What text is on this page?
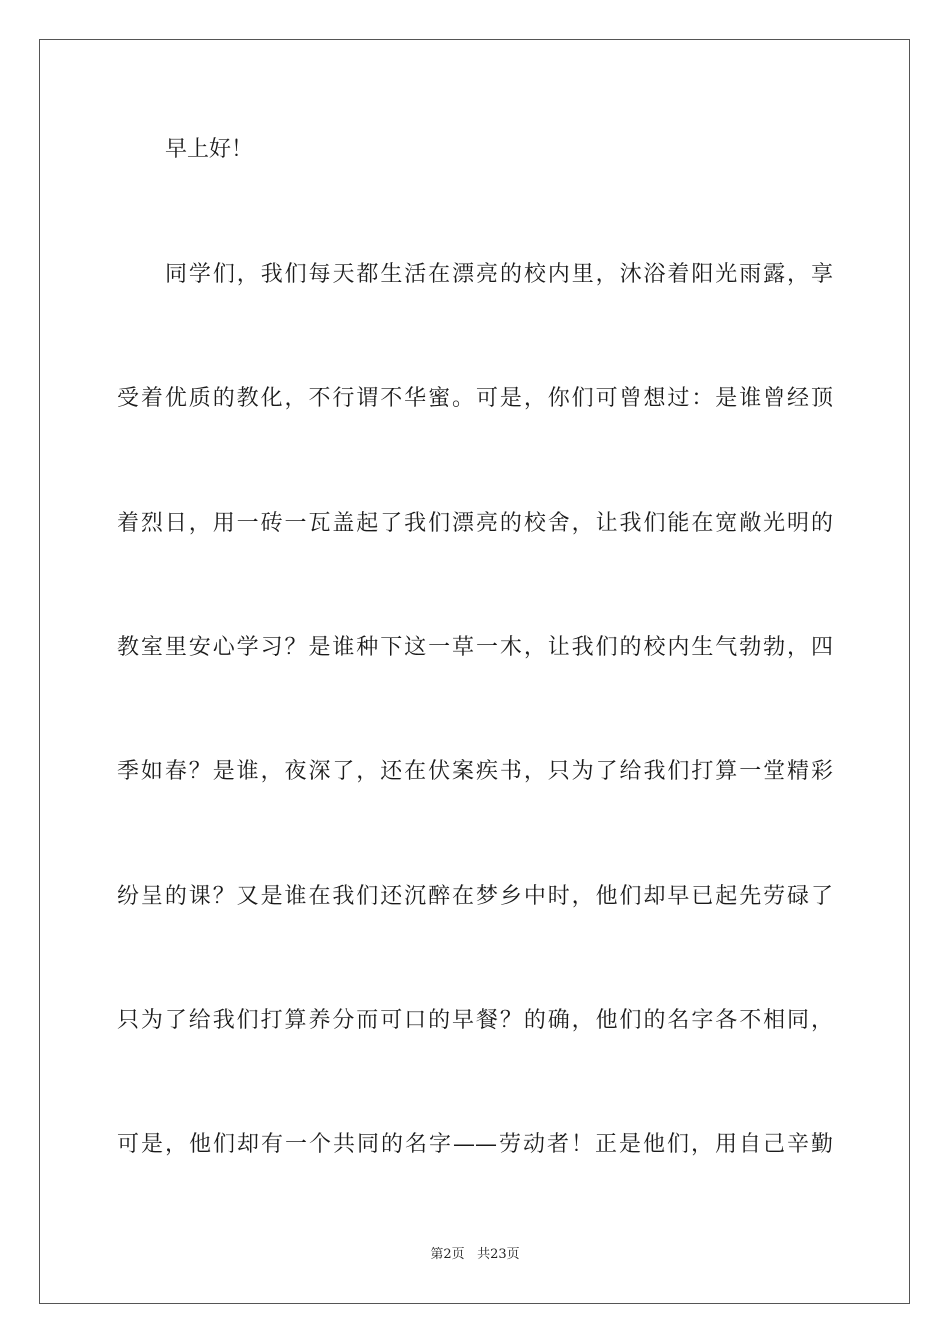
早上好！
同学们，我们每天都生活在漂亮的校内里，沐浴着阳光雨露，享
受着优质的教化，不行谓不华蜜。可是，你们可曾想过：是谁曾经顶
着烈日，用一砖一瓦盖起了我们漂亮的校舍，让我们能在宽敞光明的
教室里安心学习？是谁种下这一草一木，让我们的校内生气勃勃，四
季如春？是谁，夜深了，还在伏案疾书，只为了给我们打算一堂精彩
纷呈的课？又是谁在我们还沉醉在梦乡中时，他们却早已起先劳碌了
只为了给我们打算养分而可口的早餐？的确，他们的名字各不相同，
可是，他们却有一个共同的名字——劳动者！正是他们，用自己辛勤
第2页 共23页
